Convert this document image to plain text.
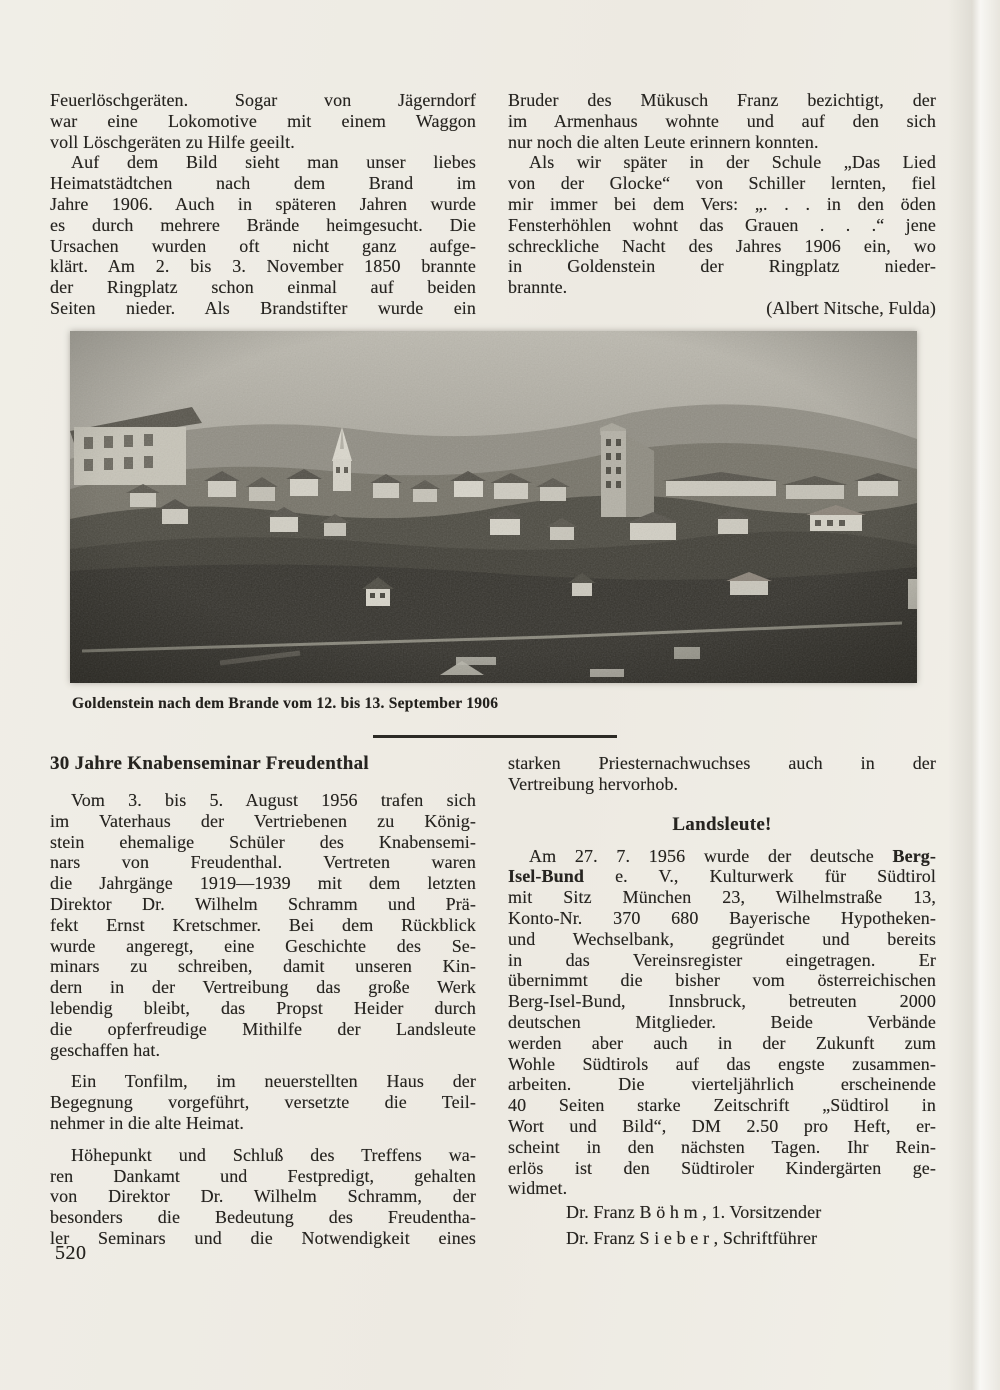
Feuerlöschgeräten. Sogar von Jägerndorf
war eine Lokomotive mit einem Waggon
voll Löschgeräten zu Hilfe geeilt.
Auf dem Bild sieht man unser liebes
Heimatstädtchen nach dem Brand im
Jahre 1906. Auch in späteren Jahren wurde
es durch mehrere Brände heimgesucht. Die
Ursachen wurden oft nicht ganz aufge-
klärt. Am 2. bis 3. November 1850 brannte
der Ringplatz schon einmal auf beiden
Seiten nieder. Als Brandstifter wurde ein
Bruder des Mükusch Franz bezichtigt, der
im Armenhaus wohnte und auf den sich
nur noch die alten Leute erinnern konnten.
Als wir später in der Schule „Das Lied
von der Glocke“ von Schiller lernten, fiel
mir immer bei dem Vers: „. . . in den öden
Fensterhöhlen wohnt das Grauen . . .“ jene
schreckliche Nacht des Jahres 1906 ein, wo
in Goldenstein der Ringplatz nieder-
brannte.
(Albert Nitsche, Fulda)
Goldenstein nach dem Brande vom 12. bis 13. September 1906
30 Jahre Knabenseminar Freudenthal
Vom 3. bis 5. August 1956 trafen sich
im Vaterhaus der Vertriebenen zu König-
stein ehemalige Schüler des Knabensemi-
nars von Freudenthal. Vertreten waren
die Jahrgänge 1919—1939 mit dem letzten
Direktor Dr. Wilhelm Schramm und Prä-
fekt Ernst Kretschmer. Bei dem Rückblick
wurde angeregt, eine Geschichte des Se-
minars zu schreiben, damit unseren Kin-
dern in der Vertreibung das große Werk
lebendig bleibt, das Propst Heider durch
die opferfreudige Mithilfe der Landsleute
geschaffen hat.
Ein Tonfilm, im neuerstellten Haus der
Begegnung vorgeführt, versetzte die Teil-
nehmer in die alte Heimat.
Höhepunkt und Schluß des Treffens wa-
ren Dankamt und Festpredigt, gehalten
von Direktor Dr. Wilhelm Schramm, der
besonders die Bedeutung des Freudentha-
ler Seminars und die Notwendigkeit eines
starken Priesternachwuchses auch in der
Vertreibung hervorhob.
Landsleute!
Am 27. 7. 1956 wurde der deutsche Berg-
Isel-Bund e. V., Kulturwerk für Südtirol
mit Sitz München 23, Wilhelmstraße 13,
Konto-Nr. 370 680 Bayerische Hypotheken-
und Wechselbank, gegründet und bereits
in das Vereinsregister eingetragen. Er
übernimmt die bisher vom österreichischen
Berg-Isel-Bund, Innsbruck, betreuten 2000
deutschen Mitglieder. Beide Verbände
werden aber auch in der Zukunft zum
Wohle Südtirols auf das engste zusammen-
arbeiten. Die vierteljährlich erscheinende
40 Seiten starke Zeitschrift „Südtirol in
Wort und Bild“, DM 2.50 pro Heft, er-
scheint in den nächsten Tagen. Ihr Rein-
erlös ist den Südtiroler Kindergärten ge-
widmet.
Dr. Franz B ö h m , 1. Vorsitzender
Dr. Franz S i e b e r , Schriftführer
520
